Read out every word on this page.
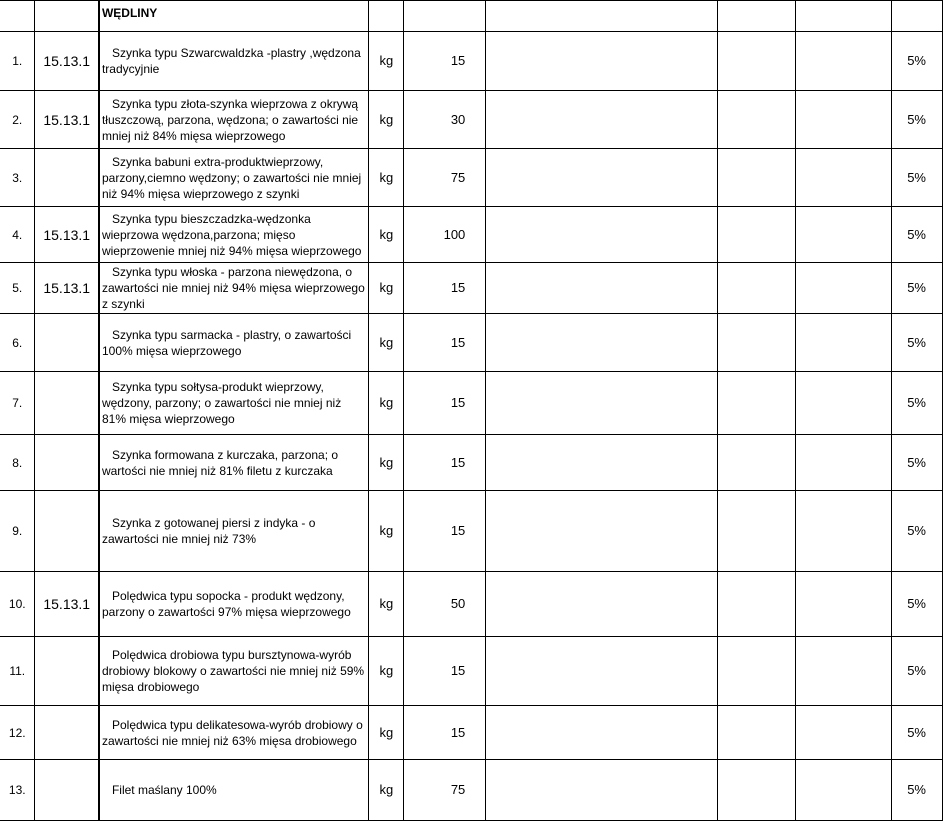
		WĘDLINY						

1.	15.13.1	Szynka typu Szwarcwaldzka -plastry ,wędzona tradycyjnie	kg	15				5%
2.	15.13.1	Szynka typu złota-szynka wieprzowa z okrywą tłuszczową, parzona, wędzona; o zawartości nie mniej niż 84% mięsa wieprzowego	kg	30				5%
3.		Szynka babuni extra-produktwieprzowy, parzony,ciemno wędzony; o zawartości nie mniej niż 94% mięsa wieprzowego z szynki	kg	75				5%
4.	15.13.1	Szynka typu bieszczadzka-wędzonka wieprzowa wędzona,parzona; mięso wieprzowenie mniej niż 94% mięsa wieprzowego	kg	100				5%
5.	15.13.1	Szynka typu włoska - parzona niewędzona, o zawartości nie mniej niż 94% mięsa wieprzowego z szynki	kg	15				5%
6.		Szynka typu sarmacka - plastry, o zawartości 100% mięsa wieprzowego	kg	15				5%
7.		Szynka typu sołtysa-produkt wieprzowy, wędzony, parzony; o zawartości nie mniej niż 81% mięsa wieprzowego	kg	15				5%
8.		Szynka formowana z kurczaka, parzona; o wartości nie mniej niż 81% filetu z kurczaka	kg	15				5%
9.		Szynka z gotowanej piersi z indyka - o zawartości nie mniej niż 73%	kg	15				5%
10.	15.13.1	Polędwica typu sopocka - produkt wędzony, parzony o zawartości 97% mięsa wieprzowego	kg	50				5%
11.		Polędwica drobiowa typu bursztynowa-wyrób drobiowy blokowy o zawartości nie mniej niż 59% mięsa drobiowego	kg	15				5%
12.		Polędwica typu delikatesowa-wyrób drobiowy o zawartości nie mniej niż 63% mięsa drobiowego	kg	15				5%
13.		Filet maślany 100%	kg	75				5%
